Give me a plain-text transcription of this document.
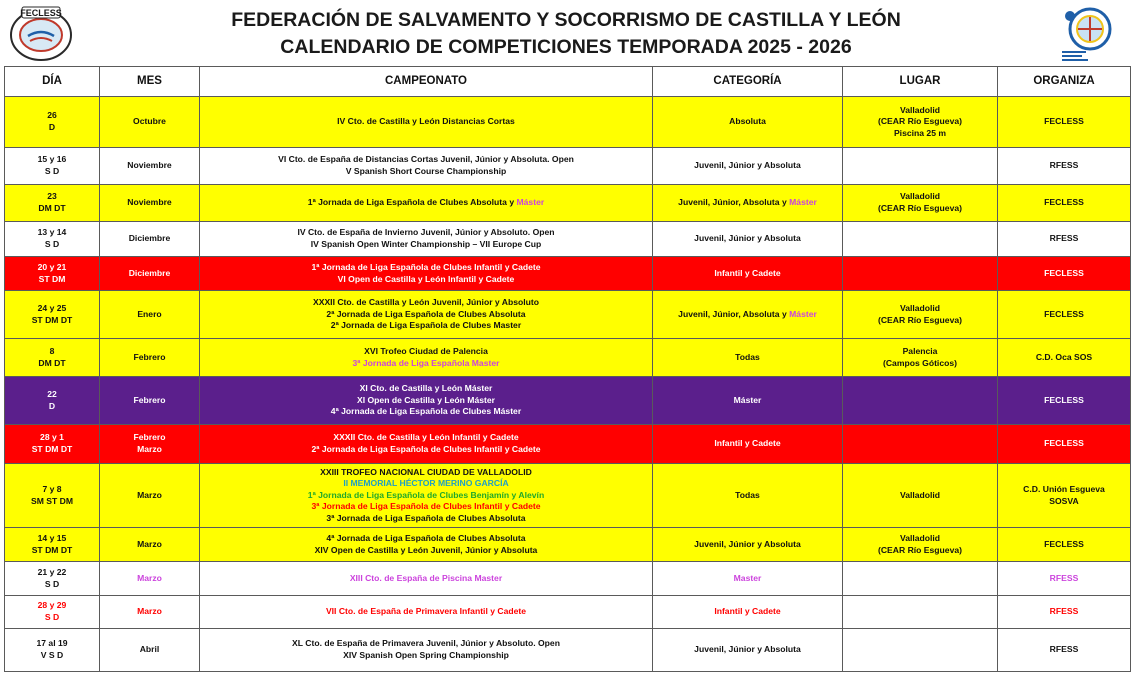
FECLESS	FEDERACIÓN DE SALVAMENTO Y SOCORRISMO DE CASTILLA Y LEÓN
CALENDARIO DE COMPETICIONES TEMPORADA 2025 - 2026
DÍA	MES	CAMPEONATO	CATEGORÍA	LUGAR	ORGANIZA

26
D	Octubre	IV Cto. de Castilla y León Distancias Cortas	Absoluta	Valladolid
(CEAR Río Esgueva)
Piscina 25 m	FECLESS

15 y 16
S D	Noviembre	VI Cto. de España de Distancias Cortas Juvenil, Júnior y Absoluta. Open
V Spanish Short Course Championship	Juvenil, Júnior y Absoluta		RFESS

23
DM DT	Noviembre	1ª Jornada de Liga Española de Clubes Absoluta y Máster	Juvenil, Júnior, Absoluta y Máster	Valladolid
(CEAR Río Esgueva)	FECLESS

13 y 14
S D	Diciembre	IV Cto. de España de Invierno Juvenil, Júnior y Absoluto. Open
IV Spanish Open Winter Championship – VII Europe Cup	Juvenil, Júnior y Absoluta		RFESS

20 y 21
ST DM	Diciembre	1ª Jornada de Liga Española de Clubes Infantil y Cadete
VI Open de Castilla y León Infantil y Cadete	Infantil y Cadete		FECLESS

24 y 25
ST DM DT	Enero	XXXII Cto. de Castilla y León Juvenil, Júnior y Absoluto
2ª Jornada de Liga Española de Clubes Absoluta
2ª Jornada de Liga Española de Clubes Master	Juvenil, Júnior, Absoluta y Máster	Valladolid
(CEAR Río Esgueva)	FECLESS

8
DM DT	Febrero	XVI Trofeo Ciudad de Palencia
3ª Jornada de Liga Española Master	Todas	Palencia
(Campos Góticos)	C.D. Oca SOS

22
D	Febrero	XI Cto. de Castilla y León Máster
XI Open de Castilla y León Máster
4ª Jornada de Liga Española de Clubes Máster	Máster		FECLESS

28 y 1
ST DM DT	Febrero
Marzo	XXXII Cto. de Castilla y León Infantil y Cadete
2ª Jornada de Liga Española de Clubes Infantil y Cadete	Infantil y Cadete		FECLESS

7 y 8
SM ST DM	Marzo	XXIII TROFEO NACIONAL CIUDAD DE VALLADOLID
II MEMORIAL HÉCTOR MERINO GARCÍA
1ª Jornada de Liga Española de Clubes Benjamín y Alevín
3ª Jornada de Liga Española de Clubes Infantil y Cadete
3ª Jornada de Liga Española de Clubes Absoluta	Todas	Valladolid	C.D. Unión Esgueva
SOSVA

14 y 15
ST DM DT	Marzo	4ª Jornada de Liga Española de Clubes Absoluta
XIV Open de Castilla y León Juvenil, Júnior y Absoluta	Juvenil, Júnior y Absoluta	Valladolid
(CEAR Río Esgueva)	FECLESS

21 y 22
S D	Marzo	XIII Cto. de España de Piscina Master	Master		RFESS

28 y 29
S D	Marzo	VII Cto. de España de Primavera Infantil y Cadete	Infantil y Cadete		RFESS

17 al 19
V S D	Abril	XL Cto. de España de Primavera Juvenil, Júnior y Absoluto. Open
XIV Spanish Open Spring Championship	Juvenil, Júnior y Absoluta		RFESS
